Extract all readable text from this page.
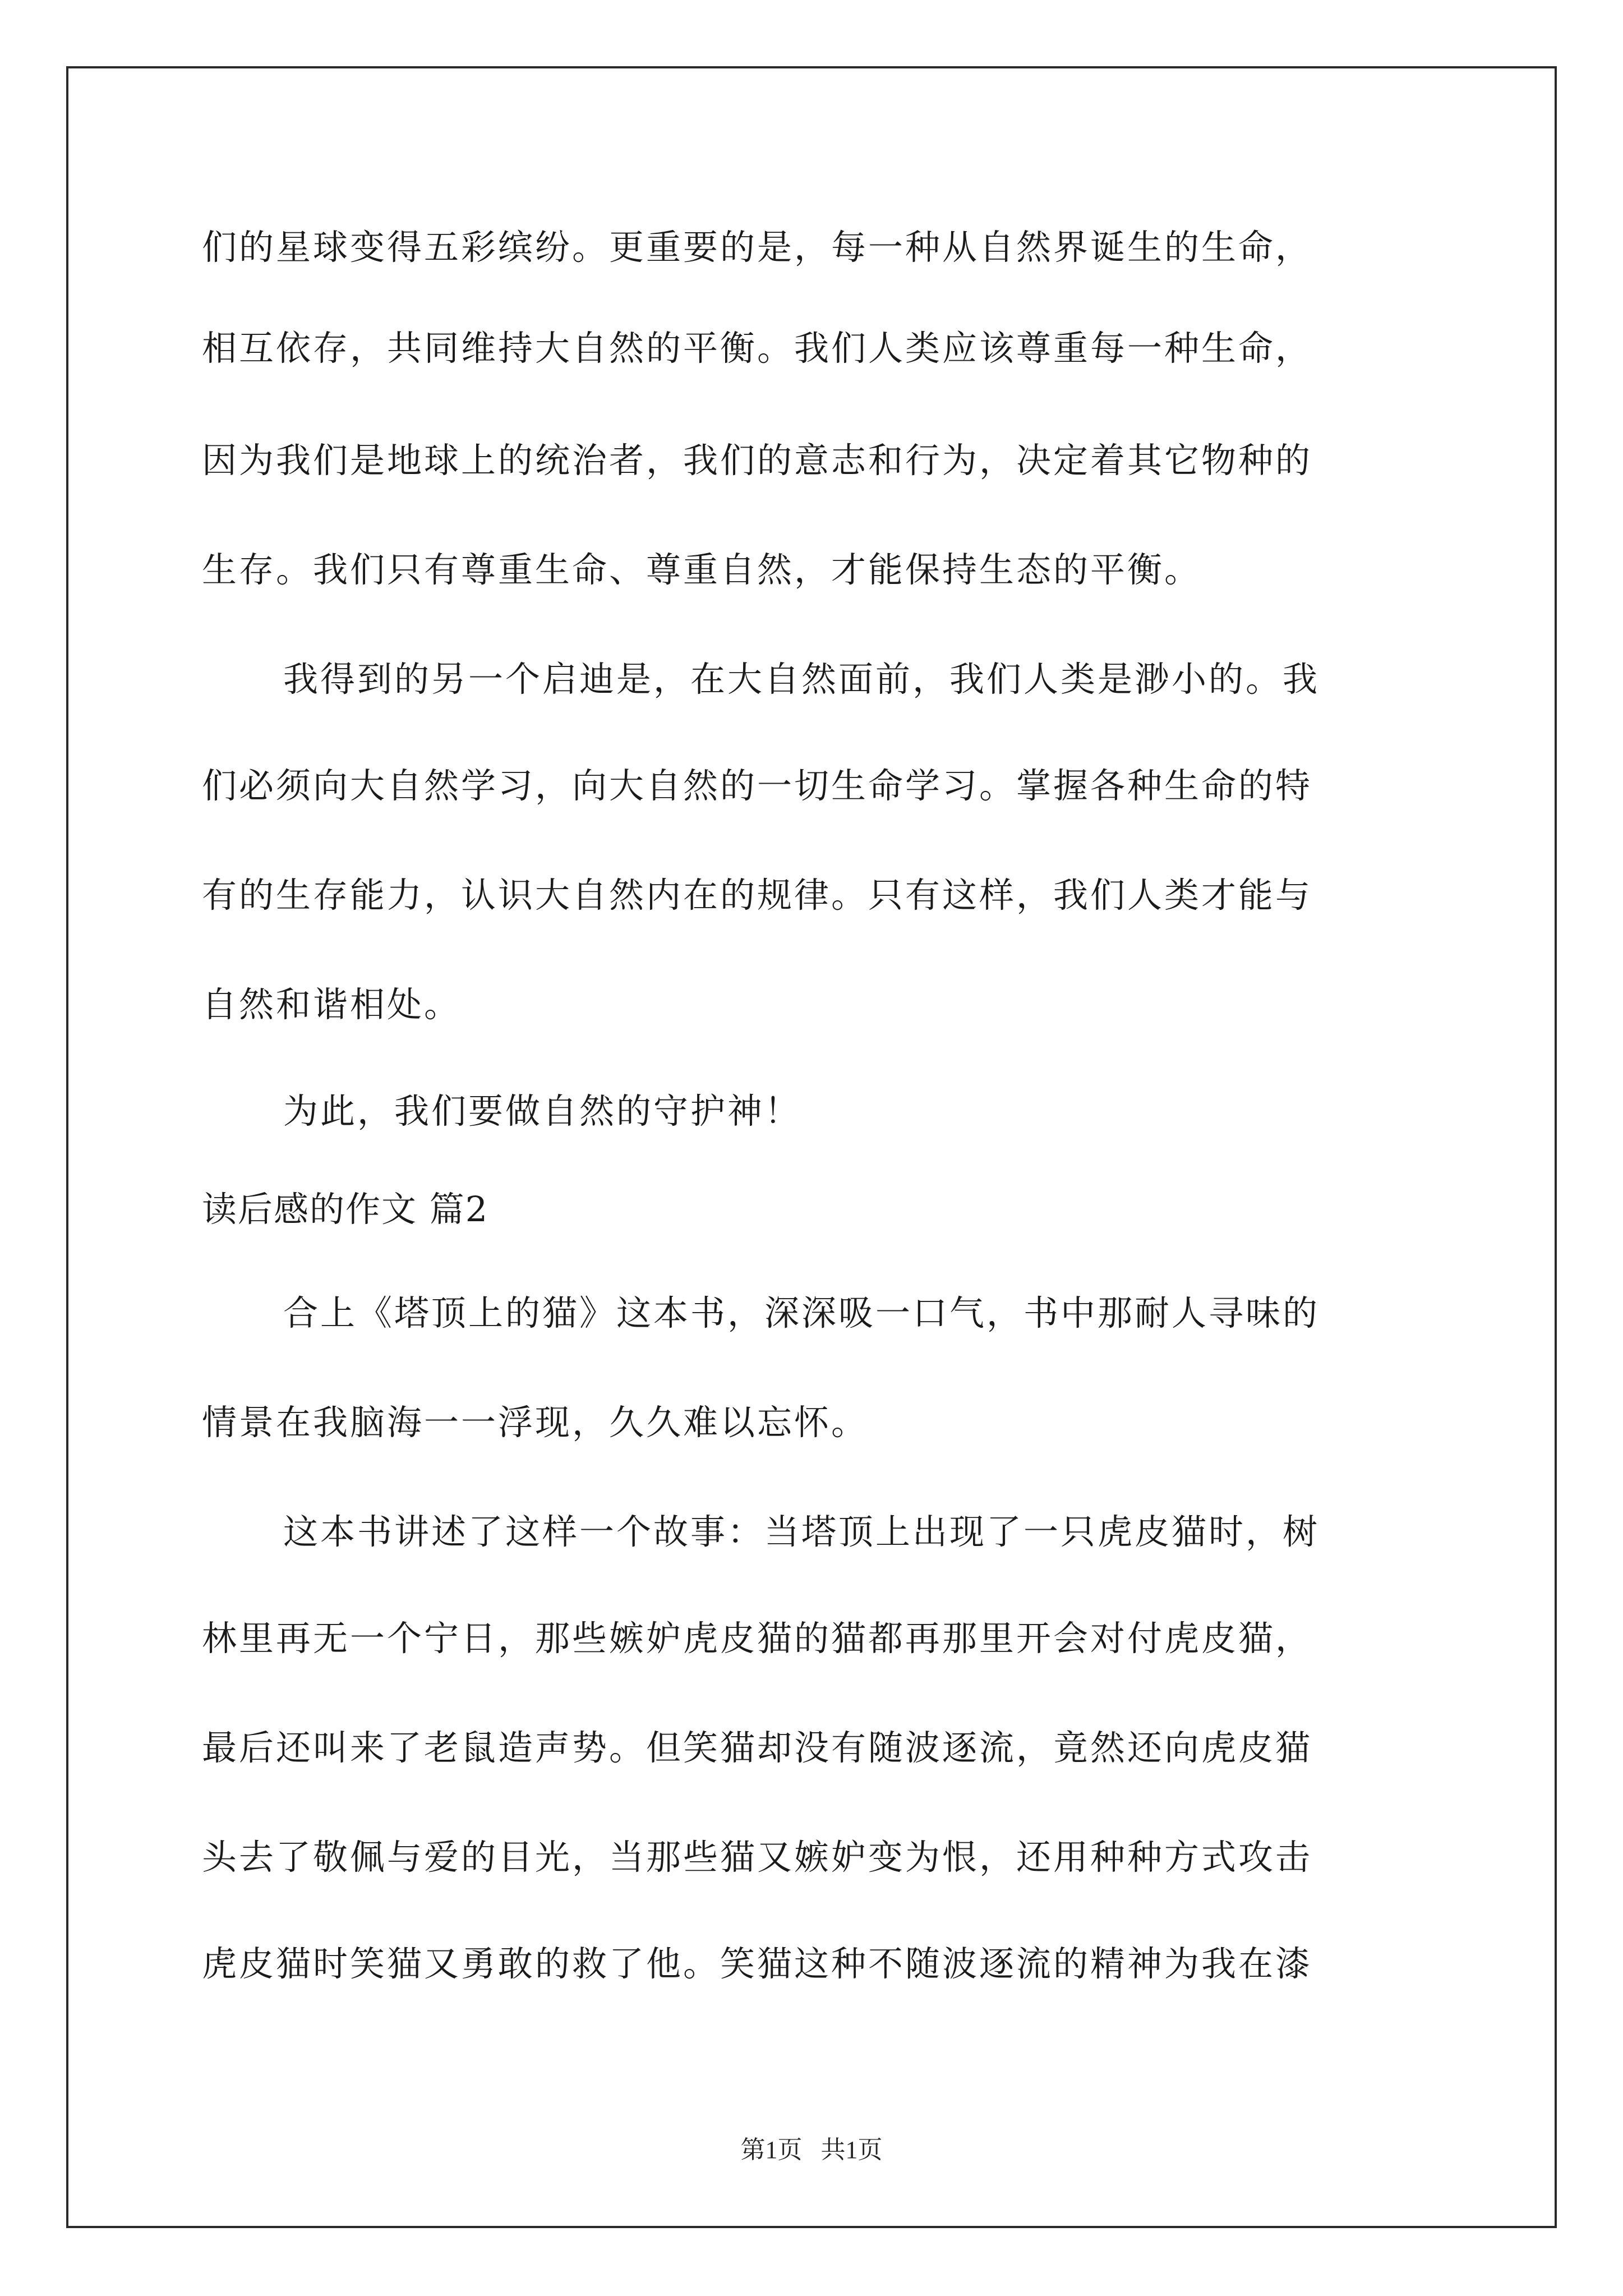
们的星球变得五彩缤纷。更重要的是，每一种从自然界诞生的生命，
相互依存，共同维持大自然的平衡。我们人类应该尊重每一种生命，
因为我们是地球上的统治者，我们的意志和行为，决定着其它物种的
生存。我们只有尊重生命、尊重自然，才能保持生态的平衡。
我得到的另一个启迪是，在大自然面前，我们人类是渺小的。我
们必须向大自然学习，向大自然的一切生命学习。掌握各种生命的特
有的生存能力，认识大自然内在的规律。只有这样，我们人类才能与
自然和谐相处。
为此，我们要做自然的守护神！
读后感的作文 篇2
合上《塔顶上的猫》这本书，深深吸一口气，书中那耐人寻味的
情景在我脑海一一浮现，久久难以忘怀。
这本书讲述了这样一个故事：当塔顶上出现了一只虎皮猫时，树
林里再无一个宁日，那些嫉妒虎皮猫的猫都再那里开会对付虎皮猫，
最后还叫来了老鼠造声势。但笑猫却没有随波逐流，竟然还向虎皮猫
头去了敬佩与爱的目光，当那些猫又嫉妒变为恨，还用种种方式攻击
虎皮猫时笑猫又勇敢的救了他。笑猫这种不随波逐流的精神为我在漆
第1页   共1页
